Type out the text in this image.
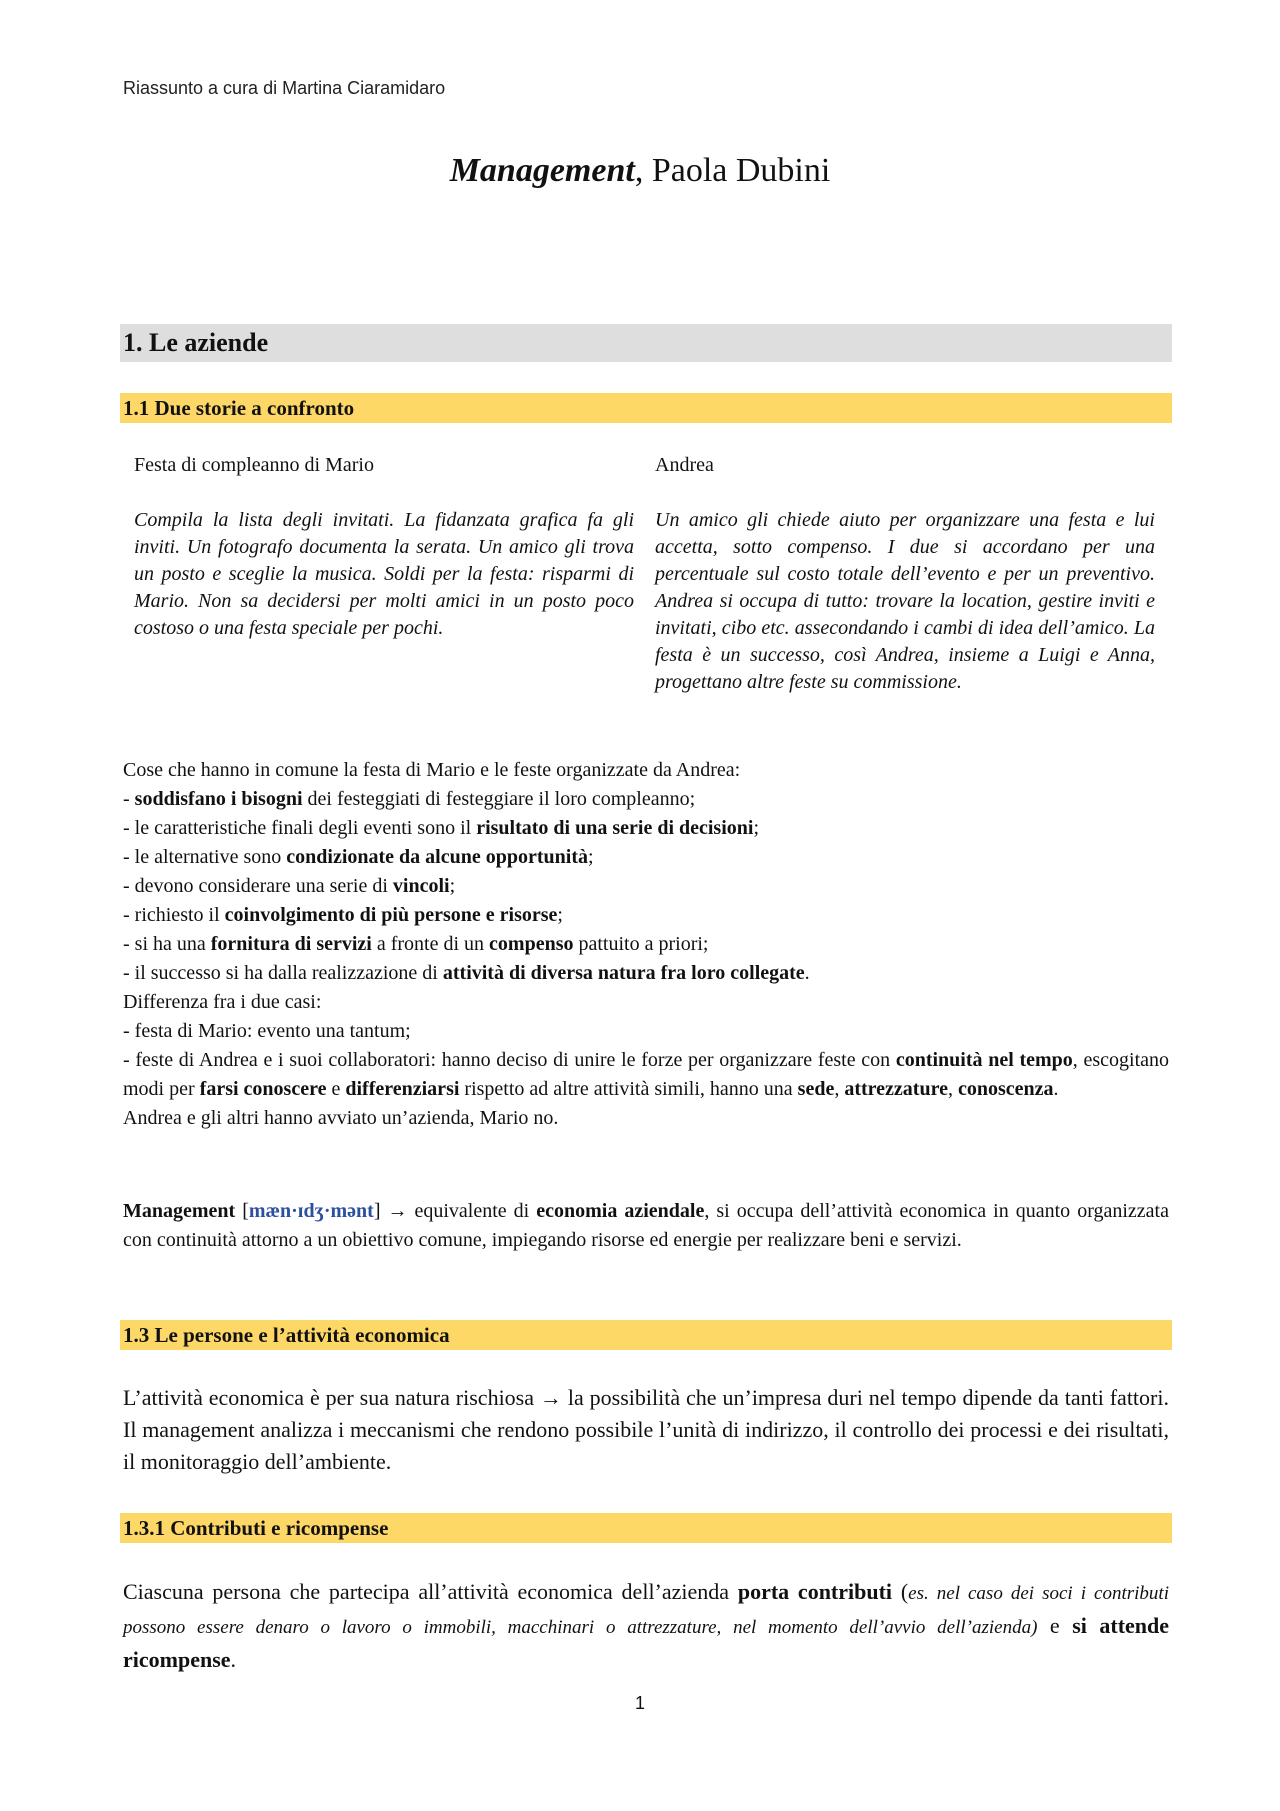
Riassunto a cura di Martina Ciaramidaro
Management, Paola Dubini
1. Le aziende
1.1 Due storie a confronto
Festa di compleanno di Mario
Compila la lista degli invitati. La fidanzata grafica fa gli inviti. Un fotografo documenta la serata. Un amico gli trova un posto e sceglie la musica. Soldi per la festa: risparmi di Mario. Non sa decidersi per molti amici in un posto poco costoso o una festa speciale per pochi.
Andrea
Un amico gli chiede aiuto per organizzare una festa e lui accetta, sotto compenso. I due si accordano per una percentuale sul costo totale dell’evento e per un preventivo. Andrea si occupa di tutto: trovare la location, gestire inviti e invitati, cibo etc. assecondando i cambi di idea dell’amico. La festa è un successo, così Andrea, insieme a Luigi e Anna, progettano altre feste su commissione.

Cose che hanno in comune la festa di Mario e le feste organizzate da Andrea:

- soddisfano i bisogni dei festeggiati di festeggiare il loro compleanno;

- le caratteristiche finali degli eventi sono il risultato di una serie di decisioni;

- le alternative sono condizionate da alcune opportunità;

- devono considerare una serie di vincoli;

- richiesto il coinvolgimento di più persone e risorse;

- si ha una fornitura di servizi a fronte di un compenso pattuito a priori;

- il successo si ha dalla realizzazione di attività di diversa natura fra loro collegate.

Differenza fra i due casi:

- festa di Mario: evento una tantum;

- feste di Andrea e i suoi collaboratori: hanno deciso di unire le forze per organizzare feste con continuità nel tempo, escogitano modi per farsi conoscere e differenziarsi rispetto ad altre attività simili, hanno una sede, attrezzature, conoscenza.

Andrea e gli altri hanno avviato un’azienda, Mario no.

Management [mæn·ɪdʒ·mənt] → equivalente di economia aziendale, si occupa dell’attività economica in quanto organizzata con continuità attorno a un obiettivo comune, impiegando risorse ed energie per realizzare beni e servizi.

1.3 Le persone e l’attività economica

L’attività economica è per sua natura rischiosa → la possibilità che un’impresa duri nel tempo dipende da tanti fattori. Il management analizza i meccanismi che rendono possibile l’unità di indirizzo, il controllo dei processi e dei risultati, il monitoraggio dell’ambiente.

1.3.1 Contributi e ricompense

Ciascuna persona che partecipa all’attività economica dell’azienda porta contributi (es. nel caso dei soci i contributi possono essere denaro o lavoro o immobili, macchinari o attrezzature, nel momento dell’avvio dell’azienda) e si attende ricompense.

1
